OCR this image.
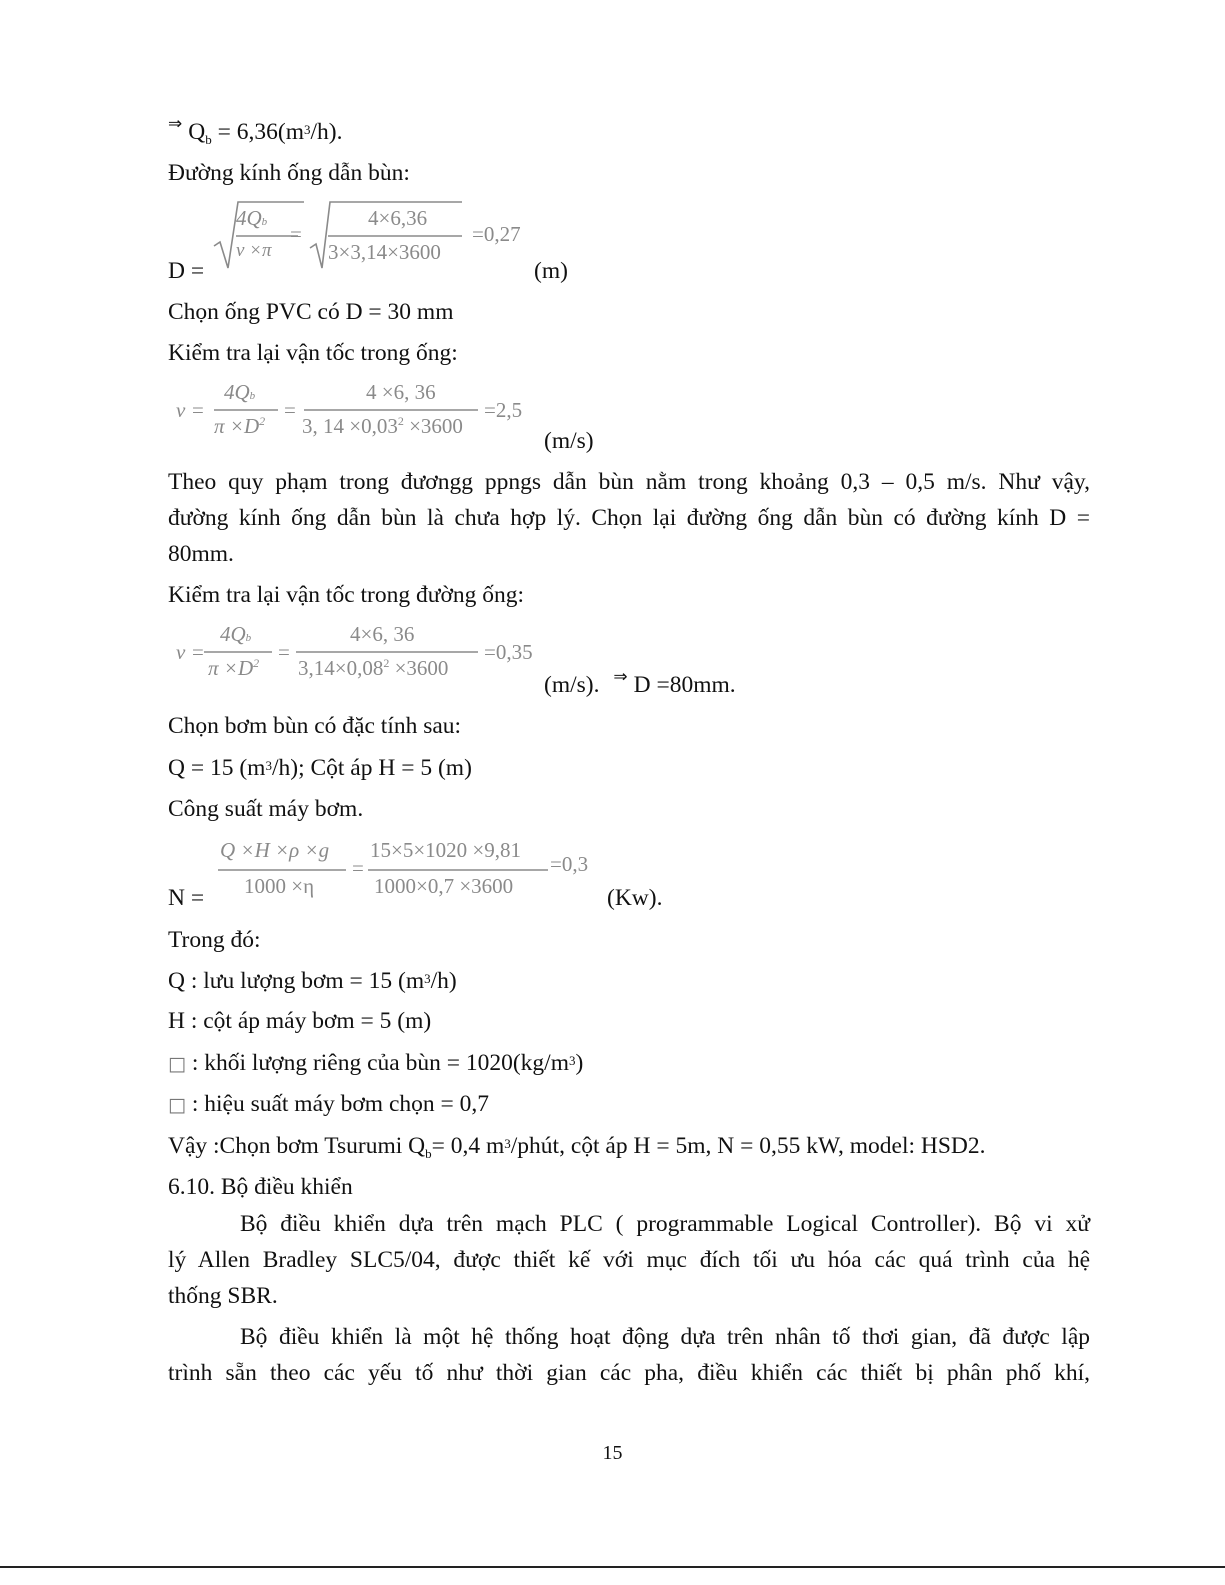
⇒ $Q_b = 6,36(m^3/h)$.
Đường kính ống dẫn bùn:
D =
4Qb
v ×π
=
4×6,36
3×3,14×3600
=0,27
(m)
Chọn ống PVC có D = 30 mm
Kiểm tra lại vận tốc trong ống:
v =
4Qb
$\pi \times D^2$ =
4 ×6, 36
3, $14 \times 0,03^2 \times 3600$
=2,5
(m/s)
Theo quy phạm trong đươngg ppngs dẫn bùn nằm trong khoảng 0,3 – 0,5 m/s. Như vậy,
đường kính ống dẫn bùn là chưa hợp lý. Chọn lại đường ống dẫn bùn có đường kính D =
80mm.
Kiểm tra lại vận tốc trong đường ống:
v =
4Qb
$\pi \times D^2$ =
4×6, 36
$3,14\times 0,08^2 \times 3600$
=0,35
(m/s). ⇒ D =80mm.
Chọn bơm bùn có đặc tính sau:
Q = 15 $(m^3/h)$; Cột áp H = 5 (m)
Công suất máy bơm.
N =
Q ×H ×ρ ×g
1000 ×η
=
15×5×1020 ×9,81
1000×0,7 ×3600
=0,3
(Kw).
Trong đó:
Q : lưu lượng bơm = 15 $(m^3/h)$
H : cột áp máy bơm = 5 (m)
□ : khối lượng riêng của bùn = $1020(kg/m^3)$
□ : hiệu suất máy bơm chọn = 0,7
Vậy :Chọn bơm Tsurumi $Q_b= 0,4$ $m^3$/phút, cột áp H = 5m, N = 0,55 kW, model: HSD2.
6.10. Bộ điều khiển
Bộ điều khiển dựa trên mạch PLC ( programmable Logical Controller). Bộ vi xử
lý Allen Bradley SLC5/04, được thiết kế với mục đích tối ưu hóa các quá trình của hệ
thống SBR.
Bộ điều khiển là một hệ thống hoạt động dựa trên nhân tố thơi gian, đã được lập
trình sẵn theo các yếu tố như thời gian các pha, điều khiển các thiết bị phân phố khí,
15
